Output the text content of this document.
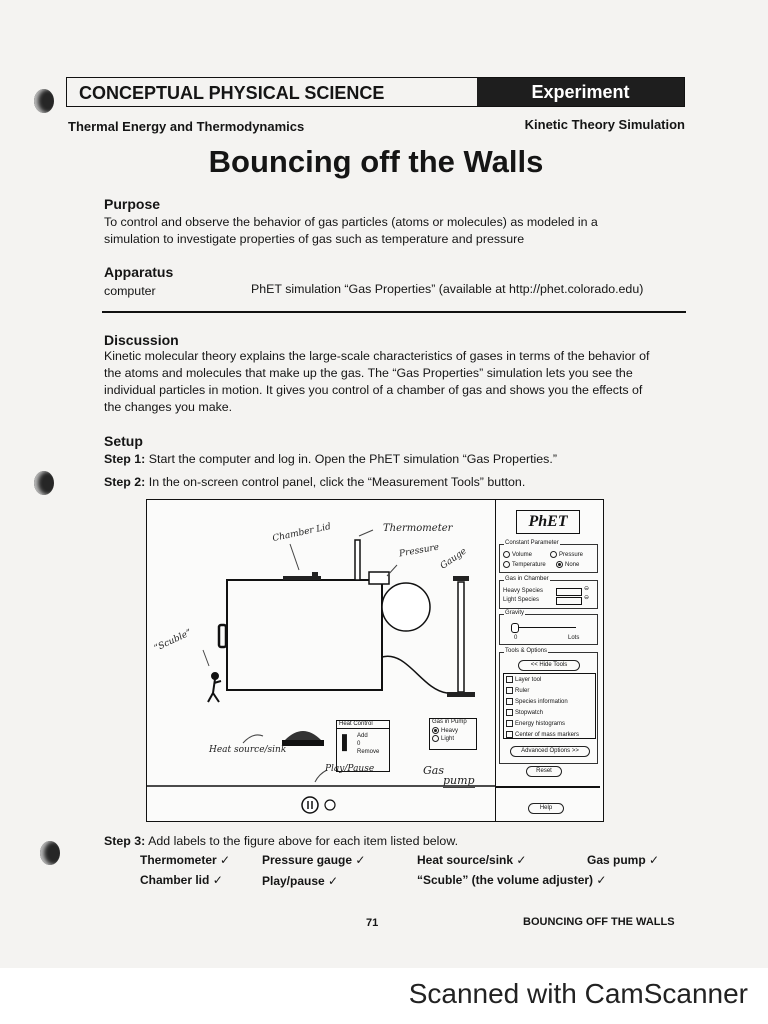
CONCEPTUAL PHYSICAL SCIENCE	Experiment
Thermal Energy and Thermodynamics	Kinetic Theory Simulation
Bouncing off the Walls
Purpose
To control and observe the behavior of gas particles (atoms or molecules) as modeled in a
simulation to investigate properties of gas such as temperature and pressure
Apparatus
computer	PhET simulation “Gas Properties” (available at http://phet.colorado.edu)
Discussion
Kinetic molecular theory explains the large-scale characteristics of gases in terms of the behavior of
the atoms and molecules that make up the gas. The “Gas Properties” simulation lets you see the
individual particles in motion. It gives you control of a chamber of gas and shows you the effects of
the changes you make.
Setup
Step 1: Start the computer and log in. Open the PhET simulation “Gas Properties.”
Step 2: In the on-screen control panel, click the “Measurement Tools” button.
Heat Control
▌ Add
0
Remove
Gas in Pump
Heavy
Light
Chamber Lid	Thermometer
Pressure
Gauge
“Scuble”
Heat source/sink
Play/Pause	Gas
pump
PhET
Constant Parameter
Volume	Pressure
Temperature	None
Gas in Chamber
Heavy Species	⊖
Light Species	⊖
Gravity
0	Lots
Tools & Options
<< Hide Tools
Layer tool
Ruler
Species information
Stopwatch
Energy histograms
Center of mass markers
Advanced Options >>
Reset
Help
Step 3: Add labels to the figure above for each item listed below.
Thermometer ✓	Pressure gauge ✓	Heat source/sink ✓	Gas pump ✓
Chamber lid ✓	Play/pause ✓	“Scuble” (the volume adjuster) ✓
71	BOUNCING OFF THE WALLS
Scanned with CamScanner
